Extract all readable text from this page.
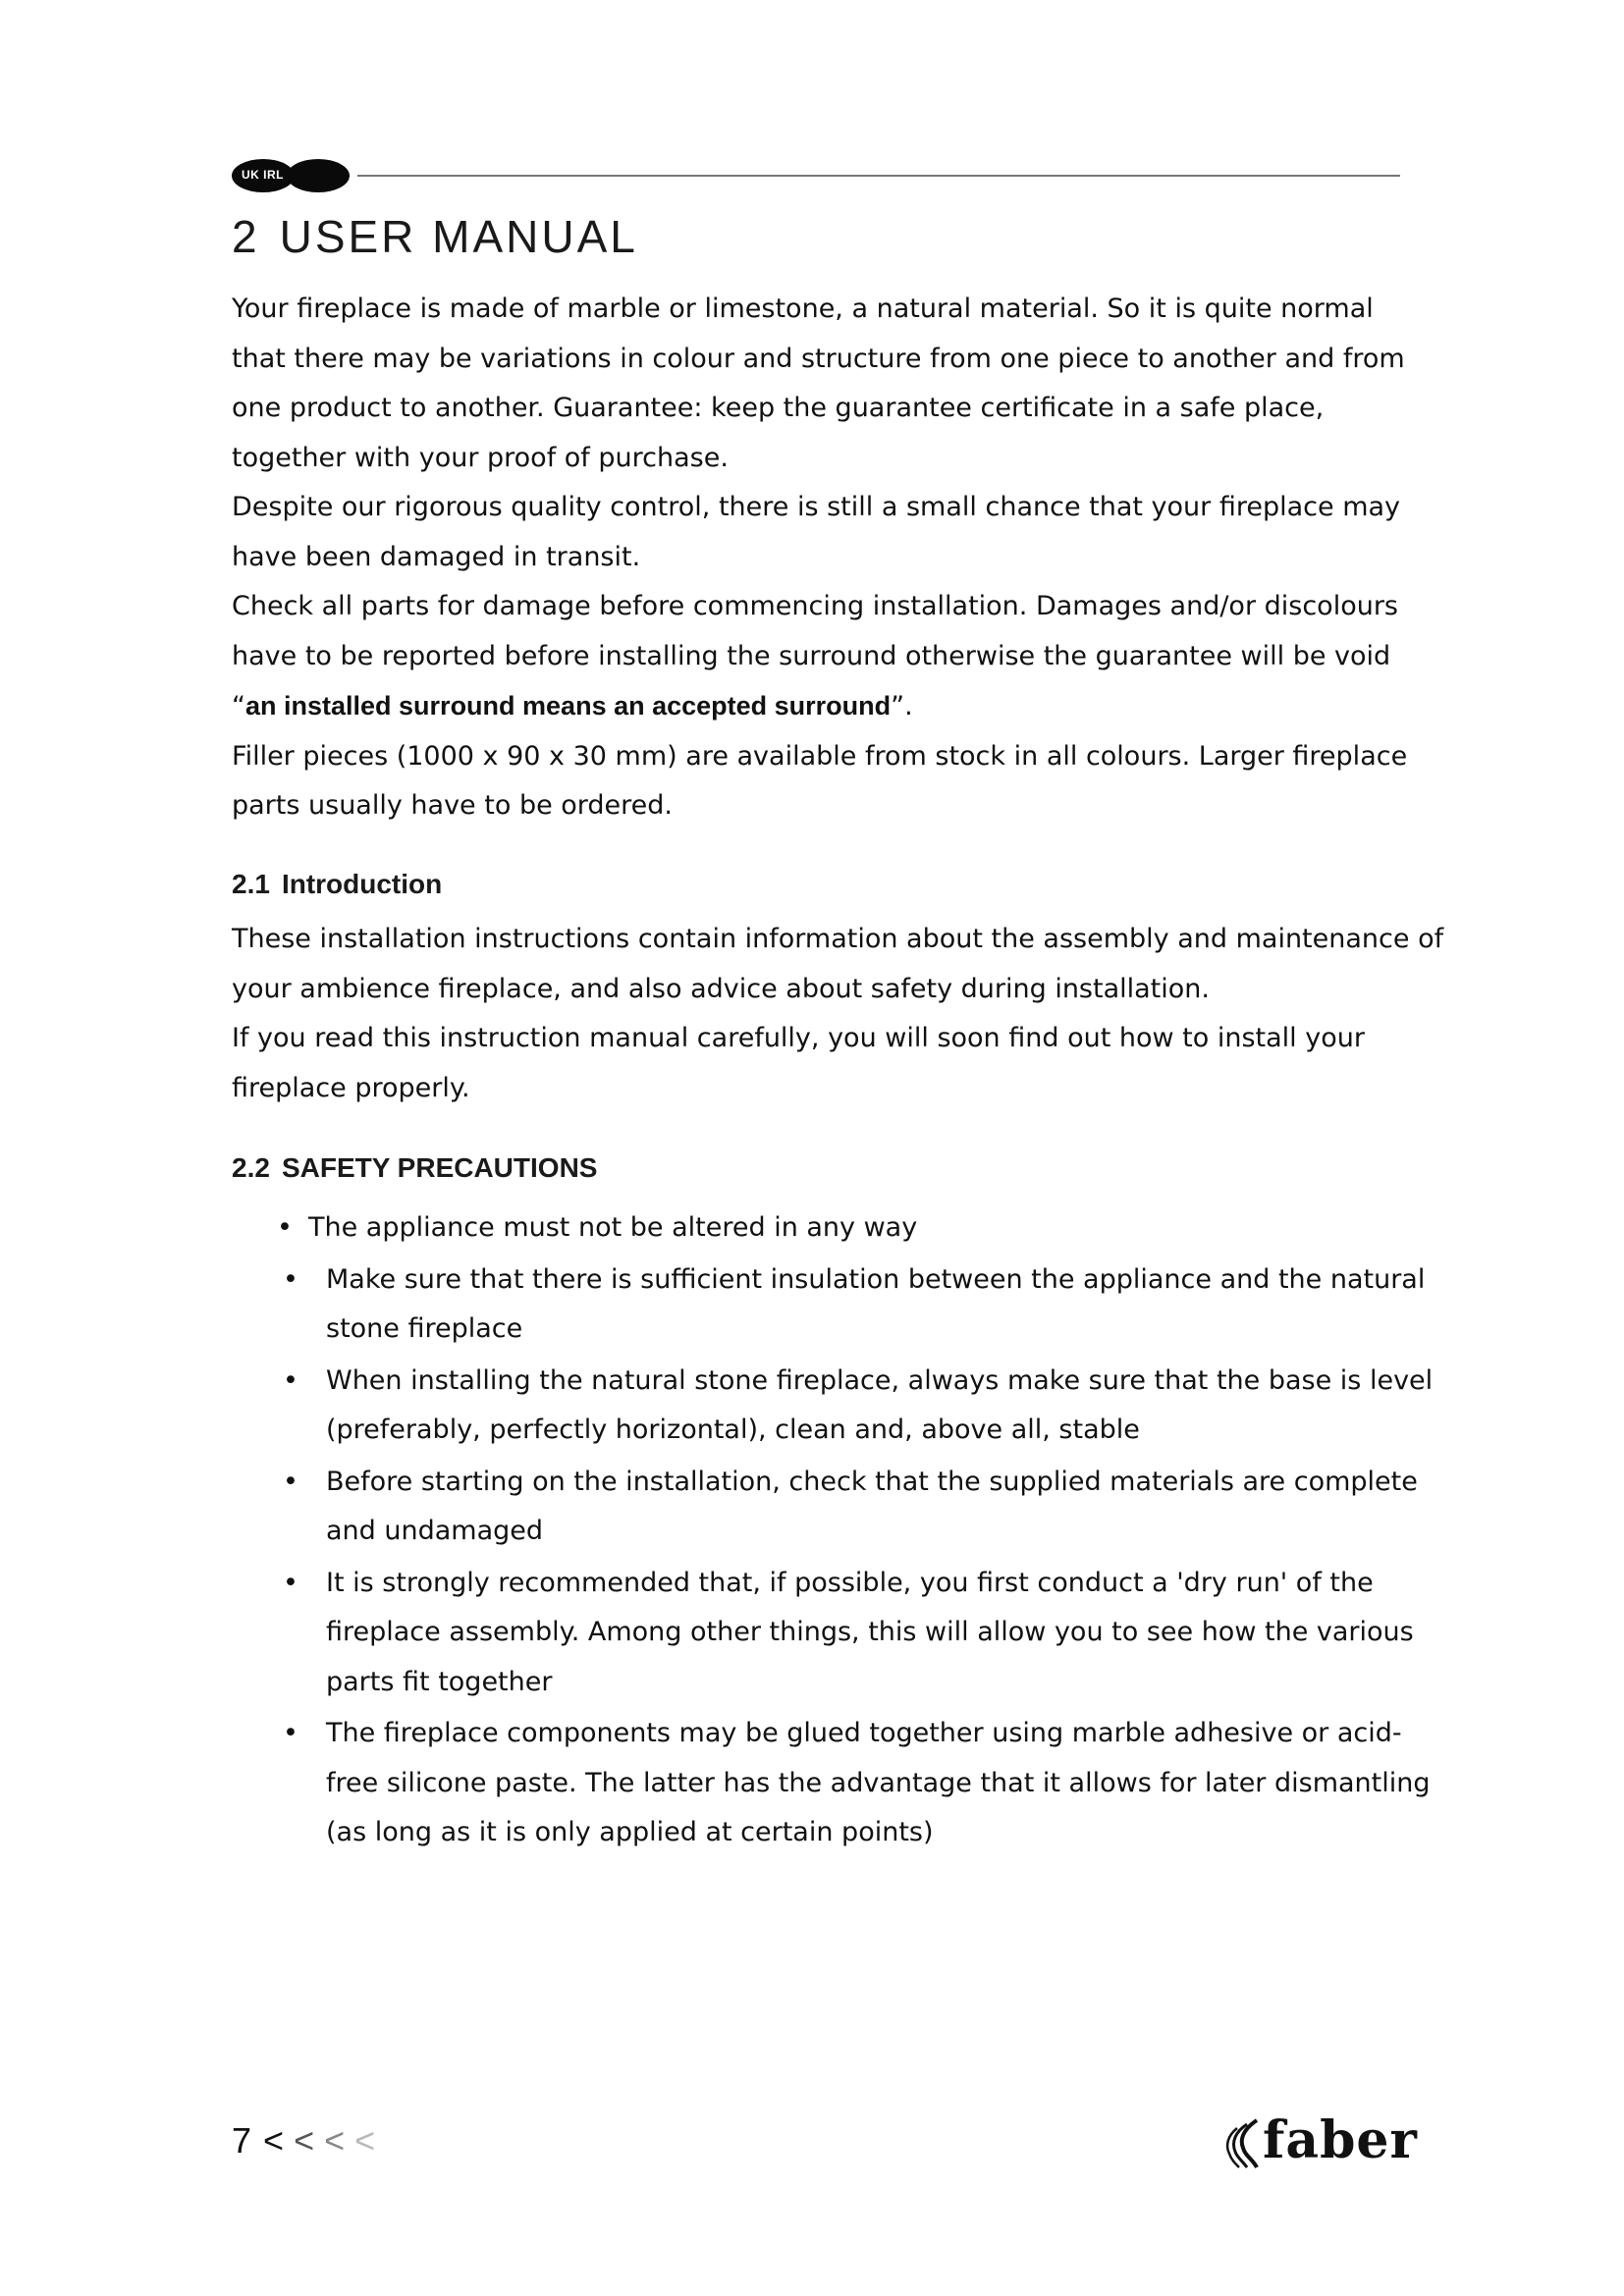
UK IRL
2 USER MANUAL

Your fireplace is made of marble or limestone, a natural material. So it is quite normal

that there may be variations in colour and structure from one piece to another and from

one product to another. Guarantee: keep the guarantee certificate in a safe place,

together with your proof of purchase.

Despite our rigorous quality control, there is still a small chance that your fireplace may

have been damaged in transit.

Check all parts for damage before commencing installation. Damages and/or discolours

have to be reported before installing the surround otherwise the guarantee will be void

“an installed surround means an accepted surround”.

Filler pieces (1000 x 90 x 30 mm) are available from stock in all colours. Larger fireplace

parts usually have to be ordered.

2.1 Introduction

These installation instructions contain information about the assembly and maintenance of

your ambience fireplace, and also advice about safety during installation.

If you read this instruction manual carefully, you will soon find out how to install your

fireplace properly.

2.2 SAFETY PRECAUTIONS
• The appliance must not be altered in any way
• Make sure that there is sufficient insulation between the appliance and the natural
stone fireplace
• When installing the natural stone fireplace, always make sure that the base is level
(preferably, perfectly horizontal), clean and, above all, stable
• Before starting on the installation, check that the supplied materials are complete
and undamaged
• It is strongly recommended that, if possible, you first conduct a 'dry run' of the
fireplace assembly. Among other things, this will allow you to see how the various
parts fit together
• The fireplace components may be glued together using marble adhesive or acid-
free silicone paste. The latter has the advantage that it allows for later dismantling
(as long as it is only applied at certain points)
7 < < < <	faber
